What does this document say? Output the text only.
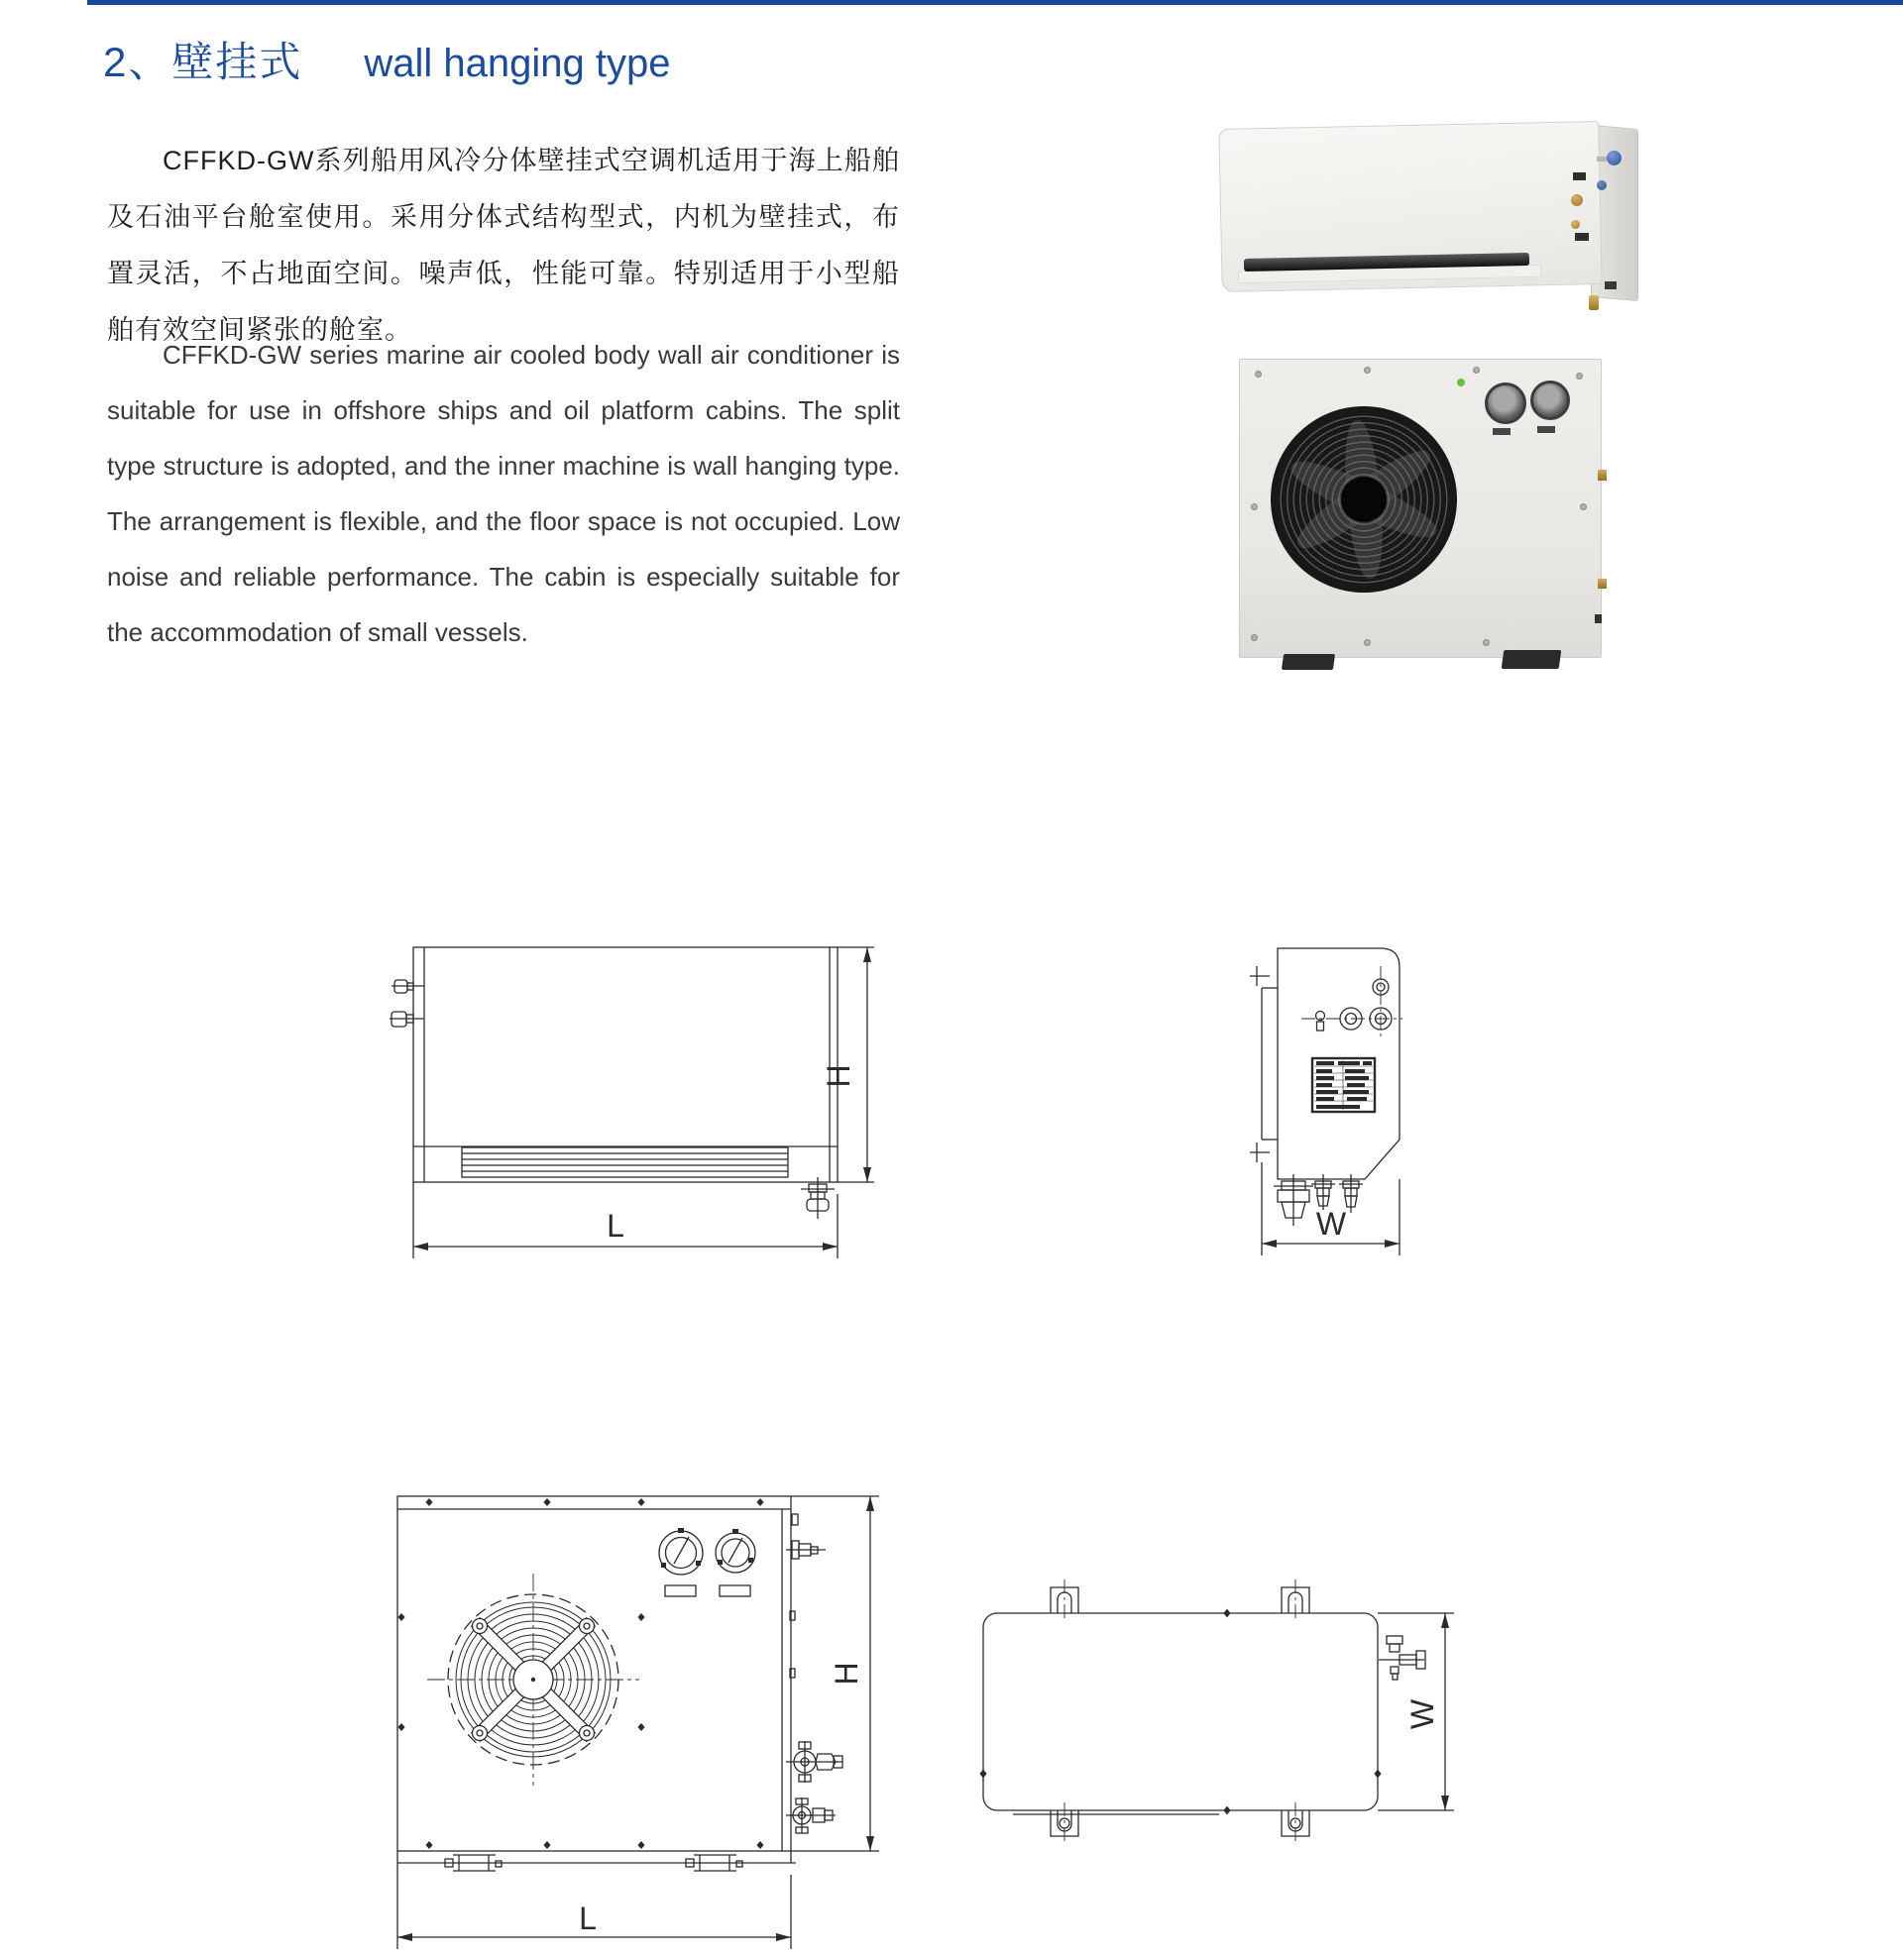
2、壁挂式 wall hanging type
CFFKD-GW系列船用风冷分体壁挂式空调机适用于海上船舶及石油平台舱室使用。采用分体式结构型式，内机为壁挂式，布置灵活，不占地面空间。噪声低，性能可靠。特别适用于小型船舶有效空间紧张的舱室。
CFFKD-GW series marine air cooled body wall air conditioner is suitable for use in offshore ships and oil platform cabins. The split type structure is adopted, and the inner machine is wall hanging type. The arrangement is flexible, and the floor space is not occupied. Low noise and reliable performance. The cabin is especially suitable for the accommodation of small vessels.
H
L	W
H
L
W
